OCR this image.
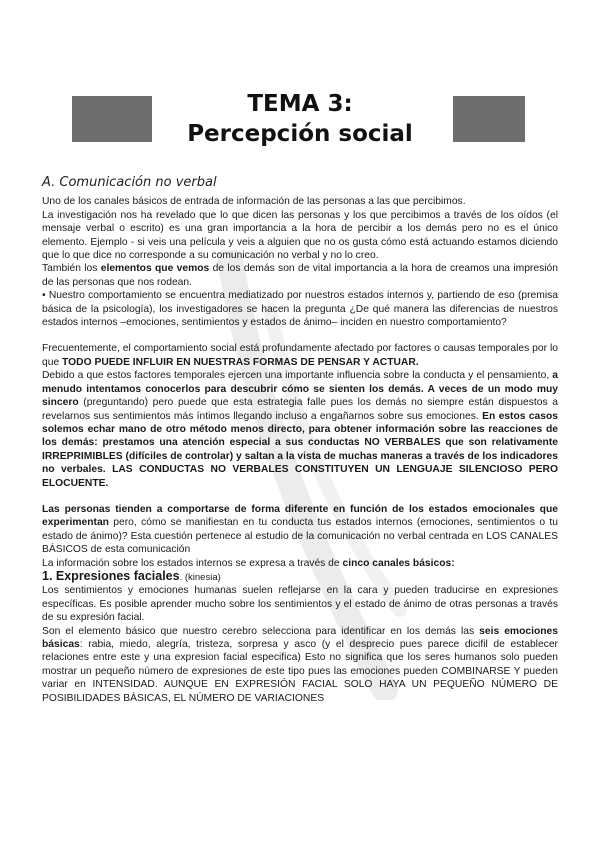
TEMA 3:
Percepción social
A. Comunicación no verbal

Uno de los canales básicos de entrada de información de las personas a las que percibimos.

La investigación nos ha revelado que lo que dicen las personas y los que percibimos a través de los oídos (el mensaje verbal o escrito) es una gran importancia a la hora de percibir a los demás pero no es el único elemento. Ejemplo - si veis una película y veis a alguien que no os gusta cómo está actuando estamos diciendo que lo que dice no corresponde a su comunicación no verbal y no lo creo.

También los elementos que vemos de los demás son de vital importancia a la hora de creamos una impresión de las personas que nos rodean.

• Nuestro comportamiento se encuentra mediatizado por nuestros estados internos y, partiendo de eso (premisa básica de la psicología), los investigadores se hacen la pregunta ¿De qué manera las diferencias de nuestros estados internos –emociones, sentimientos y estados de ánimo– inciden en nuestro comportamiento?

Frecuentemente, el comportamiento social está profundamente afectado por factores o causas temporales por lo que TODO PUEDE INFLUIR EN NUESTRAS FORMAS DE PENSAR Y ACTUAR.

Debido a que estos factores temporales ejercen una importante influencia sobre la conducta y el pensamiento, a menudo intentamos conocerlos para descubrir cómo se sienten los demás. A veces de un modo muy sincero (preguntando) pero puede que esta estrategia falle pues los demás no siempre están dispuestos a revelarnos sus sentimientos más íntimos llegando incluso a engañarnos sobre sus emociones. En estos casos solemos echar mano de otro método menos directo, para obtener información sobre las reacciones de los demás: prestamos una atención especial a sus conductas NO VERBALES que son relativamente IRREPRIMIBLES (difíciles de controlar) y saltan a la vista de muchas maneras a través de los indicadores no verbales. LAS CONDUCTAS NO VERBALES CONSTITUYEN UN LENGUAJE SILENCIOSO PERO ELOCUENTE.

Las personas tienden a comportarse de forma diferente en función de los estados emocionales que experimentan pero, cómo se manifiestan en tu conducta tus estados internos (emociones, sentimientos o tu estado de ánimo)? Esta cuestión pertenece al estudio de la comunicación no verbal centrada en LOS CANALES BÁSICOS de esta comunicación

La información sobre los estados internos se expresa a través de cinco canales básicos:

1. Expresiones faciales. (kinesia)

Los sentimientos y emociones humanas suelen reflejarse en la cara y pueden traducirse en expresiones específicas. Es posible aprender mucho sobre los sentimientos y el estado de ánimo de otras personas a través de su expresión facial.

Son el elemento básico que nuestro cerebro selecciona para identificar en los demás las seis emociones básicas: rabia, miedo, alegría, tristeza, sorpresa y asco (y el desprecio pues parece dicifil de establecer relaciones entre este y una expresion facial especifica) Esto no significa que los seres humanos solo pueden mostrar un pequeño número de expresiones de este tipo pues las emociones pueden COMBINARSE Y pueden variar en INTENSIDAD. AUNQUE EN EXPRESIÓN FACIAL SOLO HAYA UN PEQUEÑO NÚMERO DE POSIBILIDADES BÁSICAS, EL NÚMERO DE VARIACIONES
